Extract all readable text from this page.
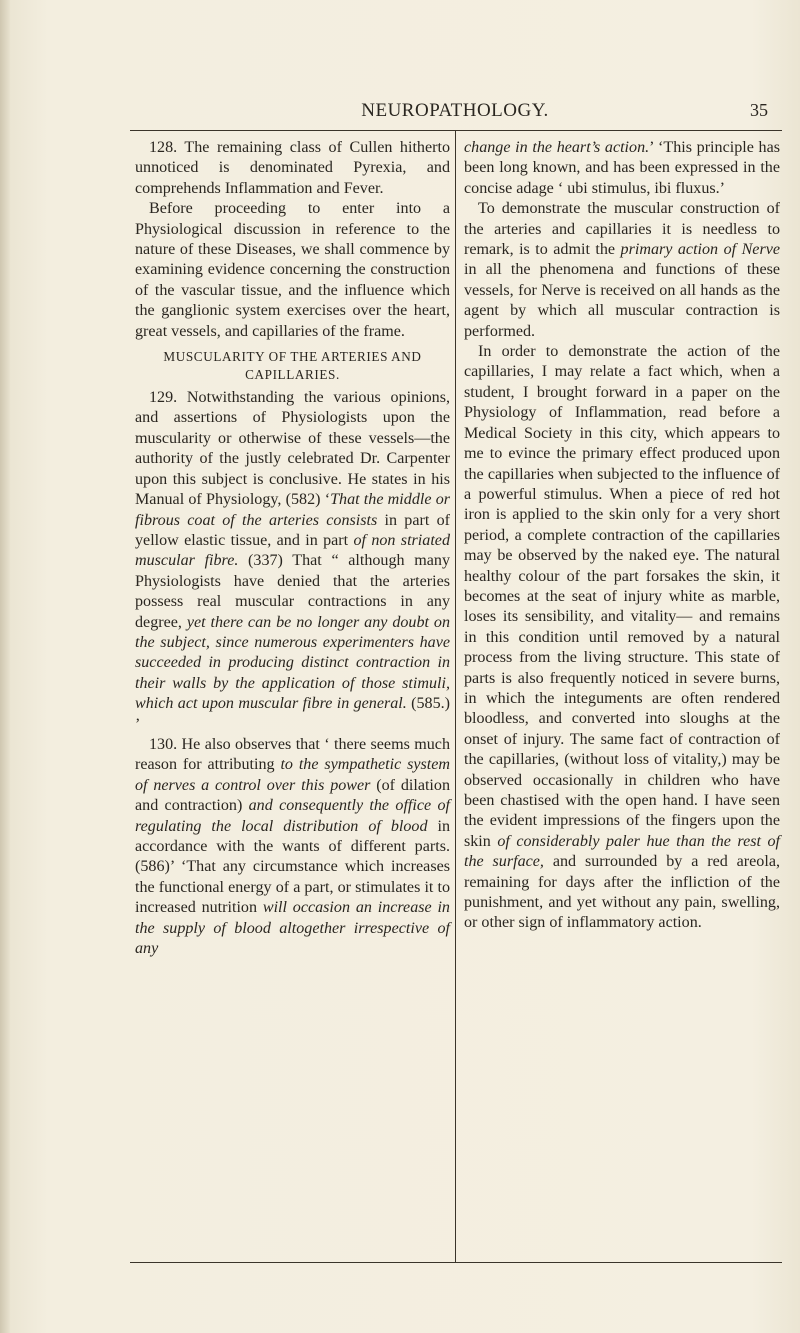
NEUROPATHOLOGY.	35

128. The remaining class of Cullen hitherto unnoticed is denominated Pyrexia, and comprehends Inflammation and Fever.

Before proceeding to enter into a Physiological discussion in reference to the nature of these Diseases, we shall commence by examining evidence concerning the construction of the vascular tissue, and the influence which the ganglionic system exercises over the heart, great vessels, and capillaries of the frame.

MUSCULARITY OF THE ARTERIES AND CAPILLARIES.

129. Notwithstanding the various opinions, and assertions of Physiologists upon the muscularity or otherwise of these vessels—the authority of the justly celebrated Dr. Carpenter upon this subject is conclusive. He states in his Manual of Physiology, (582) ‘That the middle or fibrous coat of the arteries consists in part of yellow elastic tissue, and in part of non striated muscular fibre. (337) That “ although many Physiologists have denied that the arteries possess real muscular contractions in any degree, yet there can be no longer any doubt on the subject, since numerous experimenters have succeeded in producing distinct contraction in their walls by the application of those stimuli, which act upon muscular fibre in general. (585.) ’

130. He also observes that ‘ there seems much reason for attributing to the sympathetic system of nerves a control over this power (of dilation and contraction) and consequently the office of regulating the local distribution of blood in accordance with the wants of different parts. (586)’ ‘That any circumstance which increases the functional energy of a part, or stimulates it to increased nutrition will occasion an increase in the supply of blood altogether irrespective of any

change in the heart’s action.’ ‘This principle has been long known, and has been expressed in the concise adage ‘ ubi stimulus, ibi fluxus.’

To demonstrate the muscular construction of the arteries and capillaries it is needless to remark, is to admit the primary action of Nerve in all the phenomena and functions of these vessels, for Nerve is received on all hands as the agent by which all muscular contraction is performed.

In order to demonstrate the action of the capillaries, I may relate a fact which, when a student, I brought forward in a paper on the Physiology of Inflammation, read before a Medical Society in this city, which appears to me to evince the primary effect produced upon the capillaries when subjected to the influence of a powerful stimulus. When a piece of red hot iron is applied to the skin only for a very short period, a complete contraction of the capillaries may be observed by the naked eye. The natural healthy colour of the part forsakes the skin, it becomes at the seat of injury white as marble, loses its sensibility, and vitality— and remains in this condition until removed by a natural process from the living structure. This state of parts is also frequently noticed in severe burns, in which the integuments are often rendered bloodless, and converted into sloughs at the onset of injury. The same fact of contraction of the capillaries, (without loss of vitality,) may be observed occasionally in children who have been chastised with the open hand. I have seen the evident impressions of the fingers upon the skin of considerably paler hue than the rest of the surface, and surrounded by a red areola, remaining for days after the infliction of the punishment, and yet without any pain, swelling, or other sign of inflammatory action.
